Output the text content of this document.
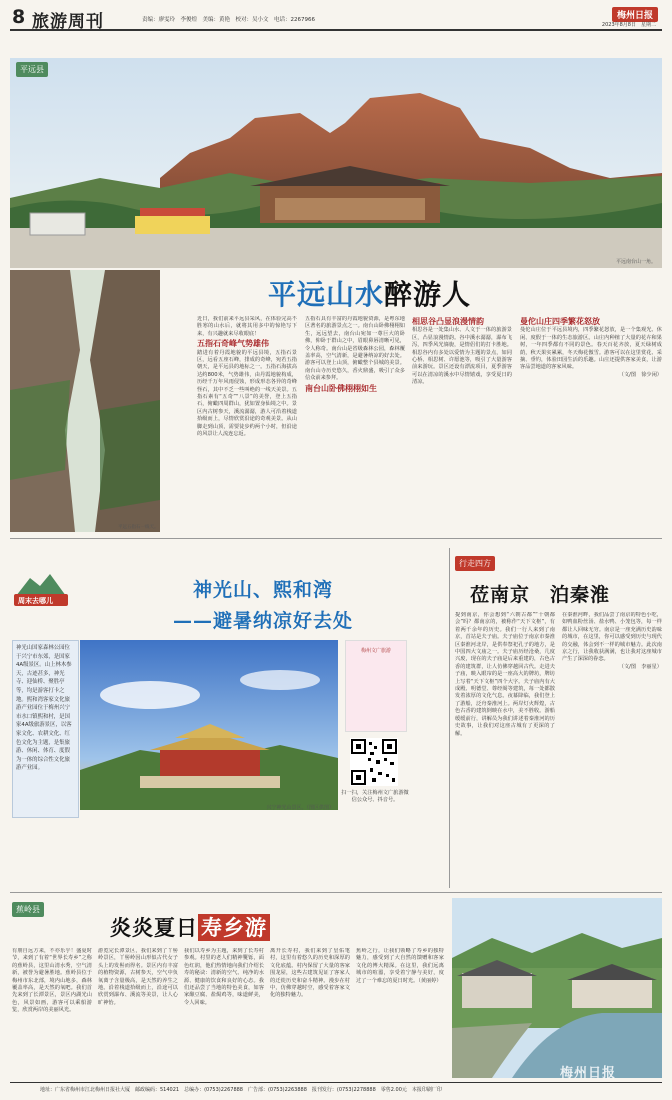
8 旅游周刊	责编：廖雯玲　李俊煌　美编：黄艳　校对：吴小文　电话：2267966	梅州日报
2023年8月8日　星期二
平远县
平远南台山一角。
平远山水醉游人
平远五指石一线天。
近日，我们前来平远县采风，在体验完高不胜寒的山水后，就将其用多中的惊艳写下来，有兴趣就来尽收眼底！
五指石奇峰气势雄伟
踏进有着丹霞地貌的平远县境，五指石景区，远看五座石峰，排成的奇峰，宛若五指朝天，是平远县的地标之一。五指石海拔高达约800米，气势雄伟，由丹霞地貌构成，历经千万年风雨侵蚀，形成形态各异的奇峰怪石，其中不乏一些叫绝的一线天美景。五指石素有“五奇”“八景”的美誉，登上五指石，俯瞰四周群山，犹如置身仙境之中。景区内古树参天，溪流潺潺，游人可沿着栈道拾级而上，尽情欣赏沿途的奇观美景。从山脚走到山顶，需要徒步约两个小时，但沿途的风景让人流连忘返。
五指石具有丰富的丹霞地貌资源，是粤东地区著名的旅游景点之一。南台山卧佛栩栩如生，远远望去，南台山宛如一尊巨大的卧佛，仰卧于群山之中，眉眼鼻唇清晰可见，令人称奇。南台山是省级森林公园，森林覆盖率高，空气清新，是避暑纳凉的好去处。游客可以登上山顶，俯瞰整个县城的美景。南台山寺历史悠久，香火鼎盛，吸引了众多信众前来参拜。
南台山卧佛栩栩如生
相思谷凸显浪漫情韵
相思谷是一处集山水、人文于一体的旅游景区，凸显浪漫情韵。谷中溪水潺潺，瀑布飞泻，四季风光旖旎，是情侣们的打卡胜地。相思谷内有多处以爱情为主题的景点，如同心桥、相思树、许愿池等，吸引了大量游客前来游玩。景区还设有漂流项目，夏季游客可以在清凉的溪水中尽情嬉戏，享受夏日的清凉。
曼佗山庄四季繁花怒放
曼佗山庄位于平远县境内，四季繁花怒放，是一个集观光、休闲、度假于一体的生态旅游区。山庄内种植了大量的花卉和果树，一年四季都有不同的景色。春天百花齐放，夏天绿树成荫，秋天果实累累，冬天梅花傲雪。游客可以在这里赏花、采摘、垂钓，体验田园生活的乐趣。山庄还提供客家美食，让游客品尝地道的客家风味。
（文/图　徐少闲）
周末去哪儿	神光山、熙和湾
——避暑纳凉好去处
神光山国家森林公园位于兴宁市东郊，是国家4A级景区。山上林木参天，古迹甚多，神光寺、迎仙桥、聚胜亭等，均是游客打卡之地。熙和湾客家文化旅游产业园位于梅州兴宁市水口镇熙和村，是国家4A级旅游景区，以客家文化、农耕文化、红色文化为主题，是集旅游、休闲、体育、度假为一体的综合性文化旅游产业园。
兴宁神光山景区。（图区供图）
梅州文广旅游
扫一扫，关注梅州文广旅游微信公众号、抖音号。
行走四方
莅南京　泊秦淮
提到南京，你会想到“六朝古都”“十朝都会”吗？都南京的，被称作“天下文枢”，有着两千余年的历史。我们一行人来到了南京，首站是夫子庙。夫子庙位于南京市秦淮区秦淮河北岸，是供奉祭祀孔子的地方，是中国四大文庙之一。夫子庙历经沧桑，几度兴废，现在的夫子庙是后来重建的，古色古香的建筑群，让人仿佛穿越回古代。走进夫子庙，映入眼帘的是一座高大的牌坊，牌坊上写着“天下文枢”四个大字。夫子庙内有大成殿、明德堂、尊经阁等建筑，每一处都散发着浓厚的文化气息。夜幕降临，我们登上了游船，泛舟秦淮河上。两岸灯火辉煌，古色古香的建筑倒映在水中，美不胜收。游船缓缓前行，讲解员为我们讲述着秦淮河的历史故事，让我们对这座古城有了更深的了解。
在秦淮河畔，我们品尝了南京的特色小吃，如鸭血粉丝汤、盐水鸭、小笼包等，每一样都让人回味无穷。南京是一座充满历史韵味的城市，在这里，你可以感受到历史与现代的交融，体会到不一样的城市魅力。此次南京之行，让我收获满满，也让我对这座城市产生了深深的眷恋。
（文/图　李丽星）
蕉岭县
炎炎夏日 寿乡游
有朋自远方来，不亦乐乎！盛夏时节，来到了有着“世界长寿乡”之称的蕉岭县，这里山清水秀，空气清新，被誉为避暑胜地。蕉岭县位于梅州市东北部，境内山地多，森林覆盖率高，是天然的氧吧。我们首先来到了长潭景区，景区内湖光山色，风景如画，游客可以乘船游览，欣赏两岸的美丽风光。
游览完长潭景区，我们来到了丫髻岭景区，丫髻岭因山形似古代女子头上的发髻而得名。景区内有丰富的植物资源，古树参天，空气中负氧离子含量极高，是天然的养生之地。沿着栈道拾级而上，沿途可以欣赏到瀑布、溪流等美景，让人心旷神怡。
我们以寿乡为主题，来到了长寿村参观。村里的老人们精神矍铄，面色红润，他们热情地向我们介绍长寿的秘诀：清新的空气、纯净的水源、健康的饮食和良好的心态。我们还品尝了当地的特色美食，如客家酿豆腐、盐焗鸡等，味道鲜美，令人回味。
离开长寿村，我们来到了皇佑笔村，这里有着悠久的历史和深厚的文化底蕴。村内保留了大量的客家围龙屋，这些古建筑见证了客家人的迁徙历史和奋斗精神。漫步在村中，仿佛穿越时空，感受着客家文化的独特魅力。
蕉岭之行，让我们领略了寿乡的独特魅力，感受到了大自然的馈赠和客家文化的博大精深。在这里，我们远离城市的喧嚣，享受着宁静与美好，度过了一个难忘的夏日时光。（黄丽婷）
地址：广东省梅州市江北梅州日报社大厦　邮政编码：514021　总编办：(0753)2267888　广告部：(0753)2263888　报刊发行：(0753)2278888　零售2.00元　本报印刷厂印
梅州日报
